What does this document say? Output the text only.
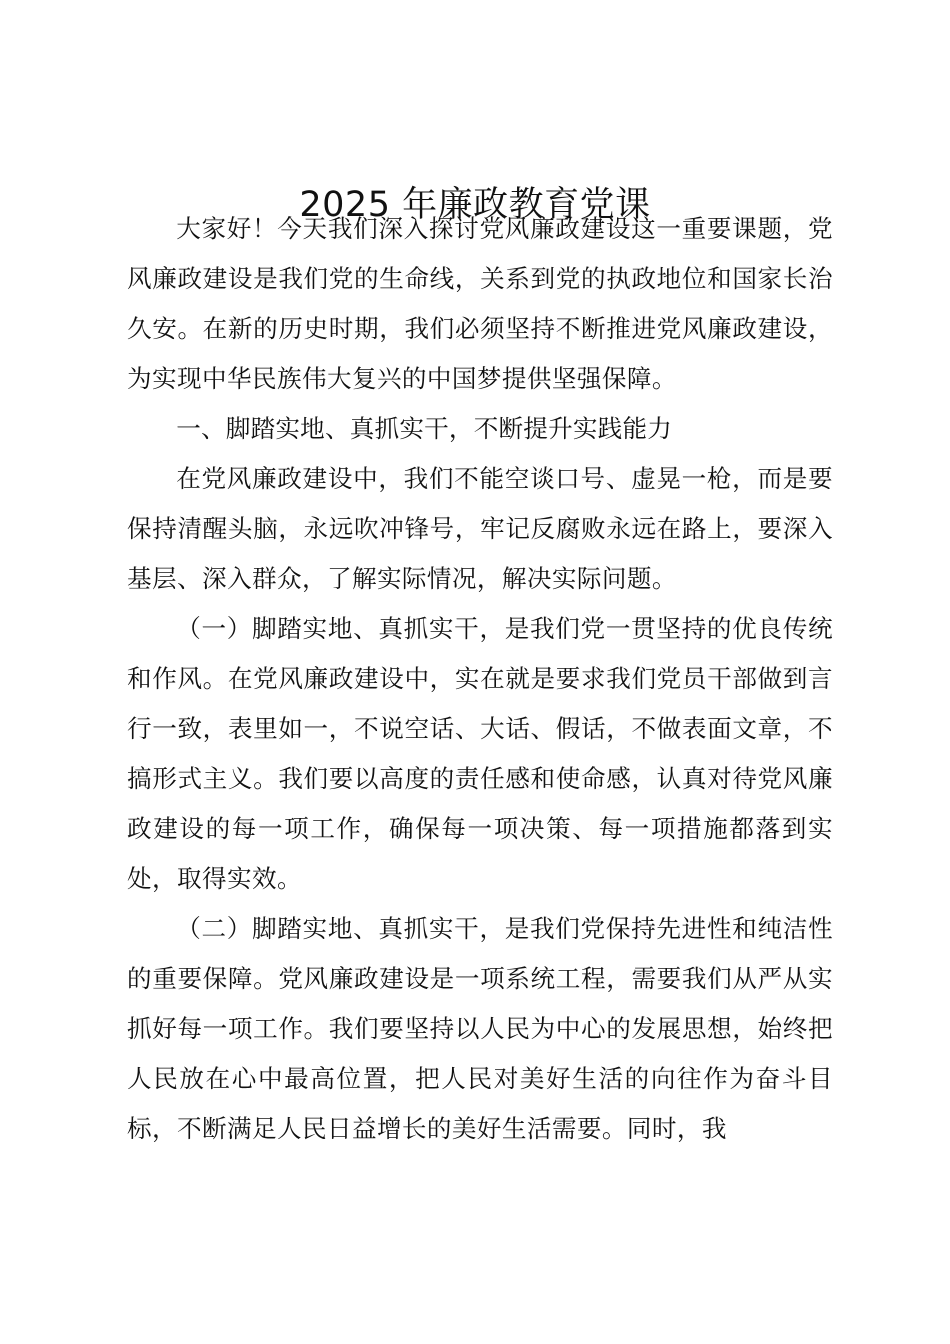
2025 年廉政教育党课

大家好！今天我们深入探讨党风廉政建设这一重要课题，党风廉政建设是我们党的生命线，关系到党的执政地位和国家长治久安。在新的历史时期，我们必须坚持不断推进党风廉政建设，为实现中华民族伟大复兴的中国梦提供坚强保障。

一、脚踏实地、真抓实干，不断提升实践能力

在党风廉政建设中，我们不能空谈口号、虚晃一枪，而是要保持清醒头脑，永远吹冲锋号，牢记反腐败永远在路上，要深入基层、深入群众，了解实际情况，解决实际问题。

（一）脚踏实地、真抓实干，是我们党一贯坚持的优良传统和作风。在党风廉政建设中，实在就是要求我们党员干部做到言行一致，表里如一，不说空话、大话、假话，不做表面文章，不搞形式主义。我们要以高度的责任感和使命感，认真对待党风廉政建设的每一项工作，确保每一项决策、每一项措施都落到实处，取得实效。

（二）脚踏实地、真抓实干，是我们党保持先进性和纯洁性的重要保障。党风廉政建设是一项系统工程，需要我们从严从实抓好每一项工作。我们要坚持以人民为中心的发展思想，始终把人民放在心中最高位置，把人民对美好生活的向往作为奋斗目标，不断满足人民日益增长的美好生活需要。同时，我
